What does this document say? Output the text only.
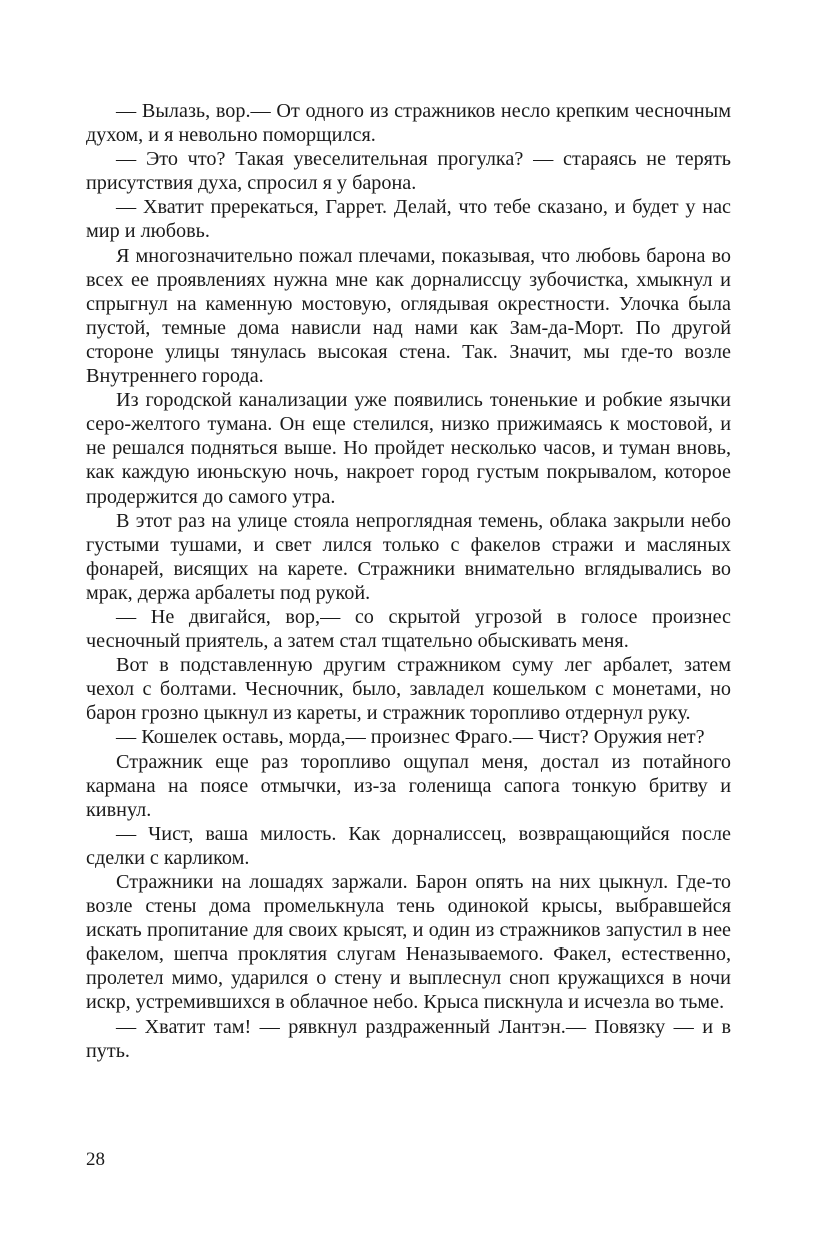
— Вылазь, вор.— От одного из стражников несло крепким чесночным духом, и я невольно поморщился.

— Это что? Такая увеселительная прогулка? — стараясь не терять присутствия духа, спросил я у барона.

— Хватит пререкаться, Гаррет. Делай, что тебе сказано, и будет у нас мир и любовь.

Я многозначительно пожал плечами, показывая, что любовь барона во всех ее проявлениях нужна мне как дорналиссцу зубочистка, хмыкнул и спрыгнул на каменную мостовую, оглядывая окрестности. Улочка была пустой, темные дома нависли над нами как Зам-да-Морт. По другой стороне улицы тянулась высокая стена. Так. Значит, мы где-то возле Внутреннего города.

Из городской канализации уже появились тоненькие и робкие язычки серо-желтого тумана. Он еще стелился, низко прижимаясь к мостовой, и не решался подняться выше. Но пройдет несколько часов, и туман вновь, как каждую июньскую ночь, накроет город густым покрывалом, которое продержится до самого утра.

В этот раз на улице стояла непроглядная темень, облака закрыли небо густыми тушами, и свет лился только с факелов стражи и масляных фонарей, висящих на карете. Стражники внимательно вглядывались во мрак, держа арбалеты под рукой.

— Не двигайся, вор,— со скрытой угрозой в голосе произнес чесночный приятель, а затем стал тщательно обыскивать меня.

Вот в подставленную другим стражником суму лег арбалет, затем чехол с болтами. Чесночник, было, завладел кошельком с монетами, но барон грозно цыкнул из кареты, и стражник торопливо отдернул руку.

— Кошелек оставь, морда,— произнес Фраго.— Чист? Оружия нет?

Стражник еще раз торопливо ощупал меня, достал из потайного кармана на поясе отмычки, из-за голенища сапога тонкую бритву и кивнул.

— Чист, ваша милость. Как дорналиссец, возвращающийся после сделки с карликом.

Стражники на лошадях заржали. Барон опять на них цыкнул. Где-то возле стены дома промелькнула тень одинокой крысы, выбравшейся искать пропитание для своих крысят, и один из стражников запустил в нее факелом, шепча проклятия слугам Неназываемого. Факел, естественно, пролетел мимо, ударился о стену и выплеснул сноп кружащихся в ночи искр, устремившихся в облачное небо. Крыса пискнула и исчезла во тьме.

— Хватит там! — рявкнул раздраженный Лантэн.— Повязку — и в путь.

28
